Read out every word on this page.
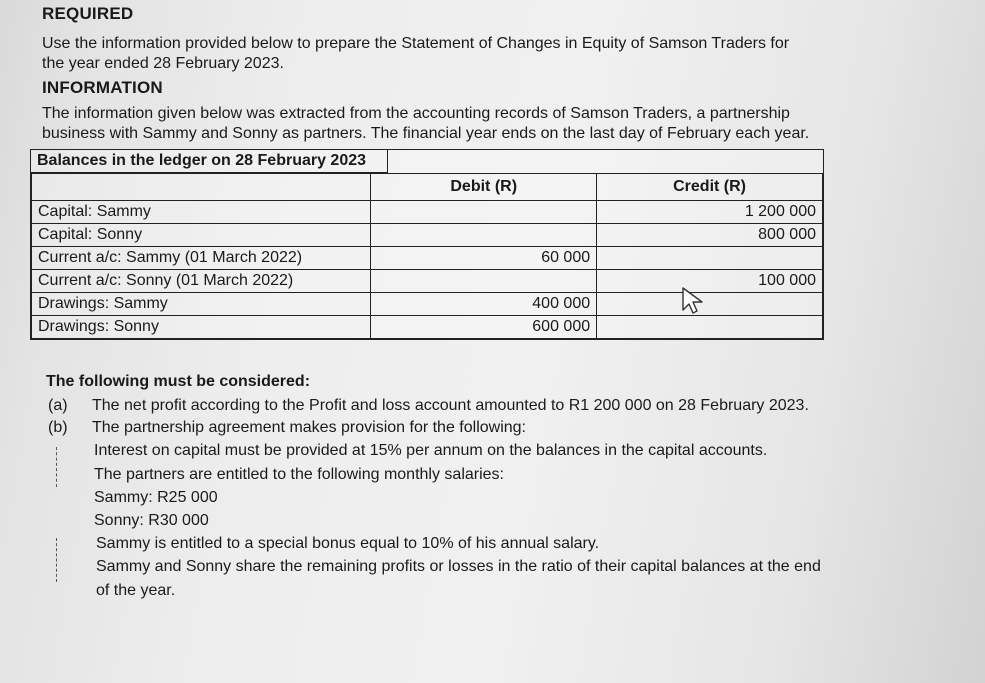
REQUIRED
Use the information provided below to prepare the Statement of Changes in Equity of Samson Traders for
the year ended 28 February 2023.
INFORMATION
The information given below was extracted from the accounting records of Samson Traders, a partnership
business with Sammy and Sonny as partners. The financial year ends on the last day of February each year.
Balances in the ledger on 28 February 2023
	Debit (R)	Credit (R)
Capital: Sammy		1 200 000
Capital: Sonny		800 000
Current a/c: Sammy (01 March 2022)	60 000	
Current a/c: Sonny (01 March 2022)		100 000
Drawings: Sammy	400 000	
Drawings: Sonny	600 000	
The following must be considered:
(a) The net profit according to the Profit and loss account amounted to R1 200 000 on 28 February 2023.
(b) The partnership agreement makes provision for the following:
Interest on capital must be provided at 15% per annum on the balances in the capital accounts.
The partners are entitled to the following monthly salaries:
Sammy: R25 000
Sonny: R30 000
Sammy is entitled to a special bonus equal to 10% of his annual salary.
Sammy and Sonny share the remaining profits or losses in the ratio of their capital balances at the end
of the year.
